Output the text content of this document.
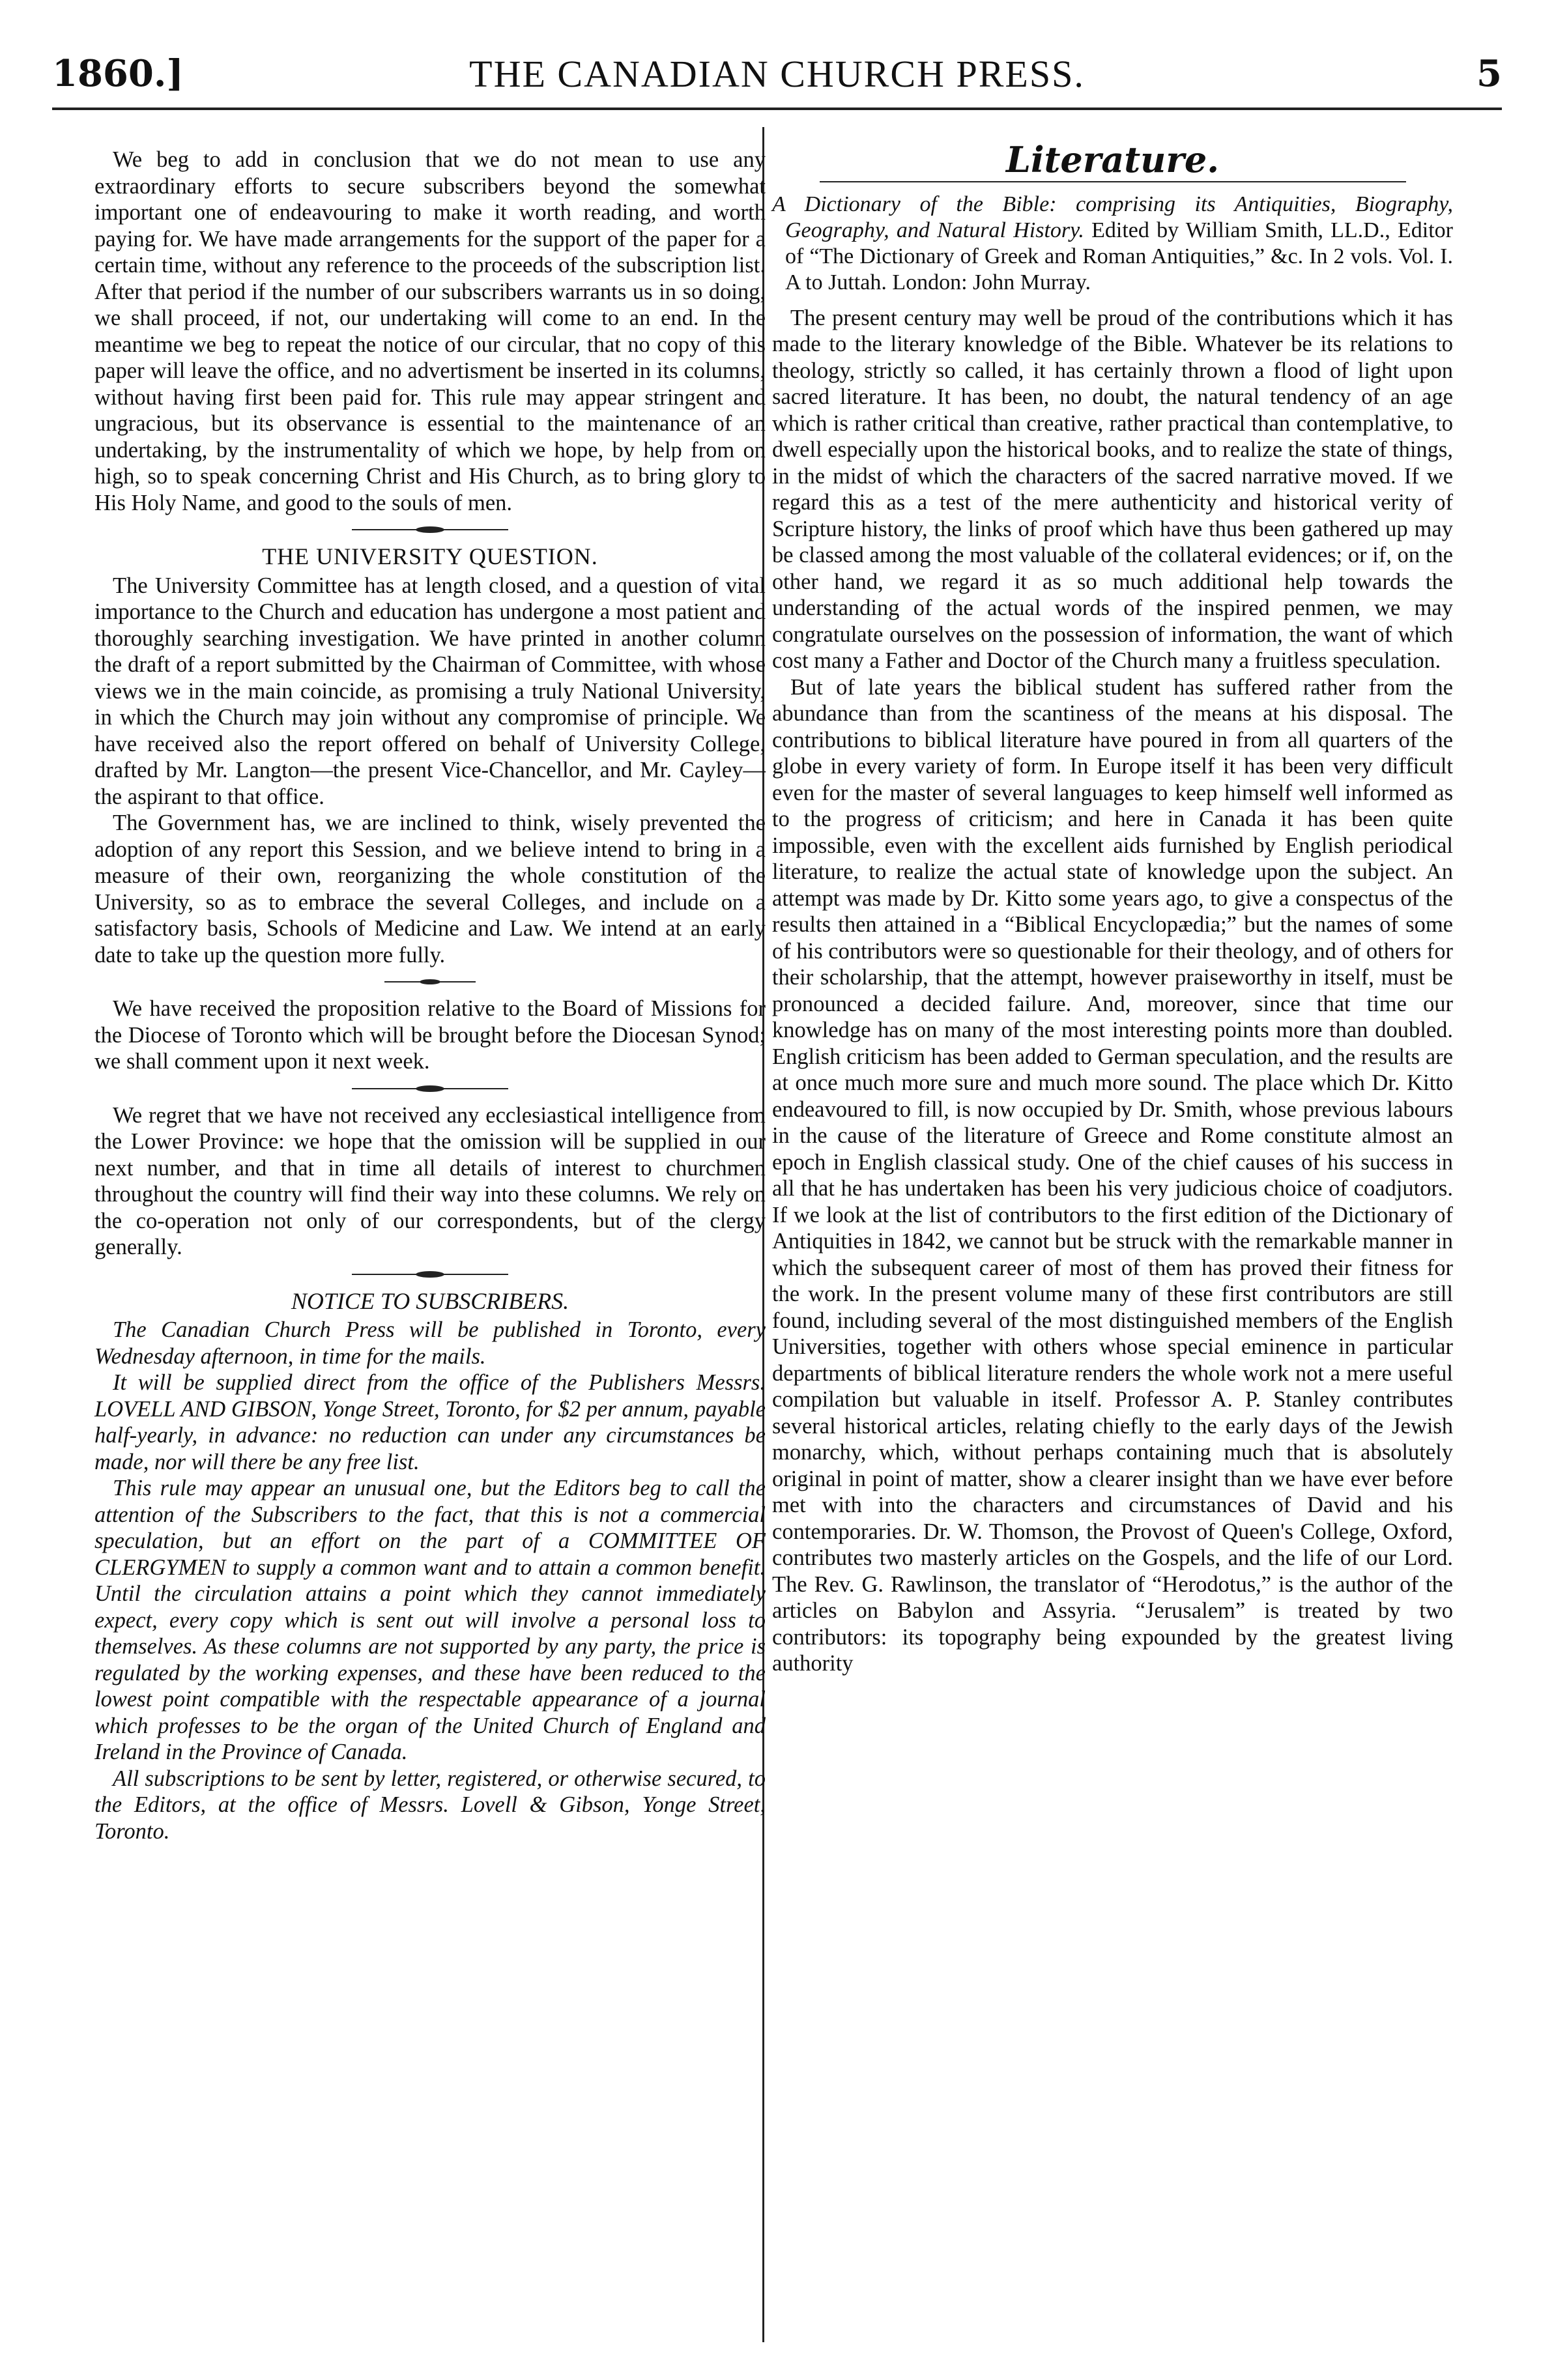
1860.]	THE CANADIAN CHURCH PRESS.	5

We beg to add in conclusion that we do not mean to use any extraordinary efforts to secure subscribers beyond the somewhat important one of endeavouring to make it worth reading, and worth paying for. We have made arrangements for the support of the paper for a certain time, without any reference to the proceeds of the subscription list. After that period if the number of our subscribers warrants us in so doing, we shall proceed, if not, our undertaking will come to an end. In the meantime we beg to repeat the notice of our circular, that no copy of this paper will leave the office, and no advertisment be inserted in its columns, without having first been paid for. This rule may appear stringent and ungracious, but its observance is essential to the maintenance of an undertaking, by the instrumentality of which we hope, by help from on high, so to speak concerning Christ and His Church, as to bring glory to His Holy Name, and good to the souls of men.

THE UNIVERSITY QUESTION.

The University Committee has at length closed, and a question of vital importance to the Church and education has undergone a most patient and thoroughly searching investigation. We have printed in another column the draft of a report submitted by the Chairman of Committee, with whose views we in the main coincide, as promising a truly National University, in which the Church may join without any compromise of principle. We have received also the report offered on behalf of University College, drafted by Mr. Langton—the present Vice-Chancellor, and Mr. Cayley—the aspirant to that office.

The Government has, we are inclined to think, wisely prevented the adoption of any report this Session, and we believe intend to bring in a measure of their own, reorganizing the whole constitution of the University, so as to embrace the several Colleges, and include on a satisfactory basis, Schools of Medicine and Law. We intend at an early date to take up the question more fully.

We have received the proposition relative to the Board of Missions for the Diocese of Toronto which will be brought before the Diocesan Synod; we shall comment upon it next week.

We regret that we have not received any ecclesiastical intelligence from the Lower Province: we hope that the omission will be supplied in our next number, and that in time all details of interest to churchmen throughout the country will find their way into these columns. We rely on the co-operation not only of our correspondents, but of the clergy generally.

NOTICE TO SUBSCRIBERS.

The Canadian Church Press will be published in Toronto, every Wednesday afternoon, in time for the mails.

It will be supplied direct from the office of the Publishers Messrs. LOVELL AND GIBSON, Yonge Street, Toronto, for $2 per annum, payable half-yearly, in advance: no reduction can under any circumstances be made, nor will there be any free list.

This rule may appear an unusual one, but the Editors beg to call the attention of the Subscribers to the fact, that this is not a commercial speculation, but an effort on the part of a COMMITTEE OF CLERGYMEN to supply a common want and to attain a common benefit. Until the circulation attains a point which they cannot immediately expect, every copy which is sent out will involve a personal loss to themselves. As these columns are not supported by any party, the price is regulated by the working expenses, and these have been reduced to the lowest point compatible with the respectable appearance of a journal which professes to be the organ of the United Church of England and Ireland in the Province of Canada.

All subscriptions to be sent by letter, registered, or otherwise secured, to the Editors, at the office of Messrs. Lovell & Gibson, Yonge Street, Toronto.

Literature.

A Dictionary of the Bible: comprising its Antiquities, Biography, Geography, and Natural History. Edited by William Smith, LL.D., Editor of “The Dictionary of Greek and Roman Antiquities,” &c. In 2 vols. Vol. I. A to Juttah. London: John Murray.

The present century may well be proud of the contributions which it has made to the literary knowledge of the Bible. Whatever be its relations to theology, strictly so called, it has certainly thrown a flood of light upon sacred literature. It has been, no doubt, the natural tendency of an age which is rather critical than creative, rather practical than contemplative, to dwell especially upon the historical books, and to realize the state of things, in the midst of which the characters of the sacred narrative moved. If we regard this as a test of the mere authenticity and historical verity of Scripture history, the links of proof which have thus been gathered up may be classed among the most valuable of the collateral evidences; or if, on the other hand, we regard it as so much additional help towards the understanding of the actual words of the inspired penmen, we may congratulate ourselves on the possession of information, the want of which cost many a Father and Doctor of the Church many a fruitless speculation.

But of late years the biblical student has suffered rather from the abundance than from the scantiness of the means at his disposal. The contributions to biblical literature have poured in from all quarters of the globe in every variety of form. In Europe itself it has been very difficult even for the master of several languages to keep himself well informed as to the progress of criticism; and here in Canada it has been quite impossible, even with the excellent aids furnished by English periodical literature, to realize the actual state of knowledge upon the subject. An attempt was made by Dr. Kitto some years ago, to give a conspectus of the results then attained in a “Biblical Encyclopædia;” but the names of some of his contributors were so questionable for their theology, and of others for their scholarship, that the attempt, however praiseworthy in itself, must be pronounced a decided failure. And, moreover, since that time our knowledge has on many of the most interesting points more than doubled. English criticism has been added to German speculation, and the results are at once much more sure and much more sound. The place which Dr. Kitto endeavoured to fill, is now occupied by Dr. Smith, whose previous labours in the cause of the literature of Greece and Rome constitute almost an epoch in English classical study. One of the chief causes of his success in all that he has undertaken has been his very judicious choice of coadjutors. If we look at the list of contributors to the first edition of the Dictionary of Antiquities in 1842, we cannot but be struck with the remarkable manner in which the subsequent career of most of them has proved their fitness for the work. In the present volume many of these first contributors are still found, including several of the most distinguished members of the English Universities, together with others whose special eminence in particular departments of biblical literature renders the whole work not a mere useful compilation but valuable in itself. Professor A. P. Stanley contributes several historical articles, relating chiefly to the early days of the Jewish monarchy, which, without perhaps containing much that is absolutely original in point of matter, show a clearer insight than we have ever before met with into the characters and circumstances of David and his contemporaries. Dr. W. Thomson, the Provost of Queen's College, Oxford, contributes two masterly articles on the Gospels, and the life of our Lord. The Rev. G. Rawlinson, the translator of “Herodotus,” is the author of the articles on Babylon and Assyria. “Jerusalem” is treated by two contributors: its topography being expounded by the greatest living authority
